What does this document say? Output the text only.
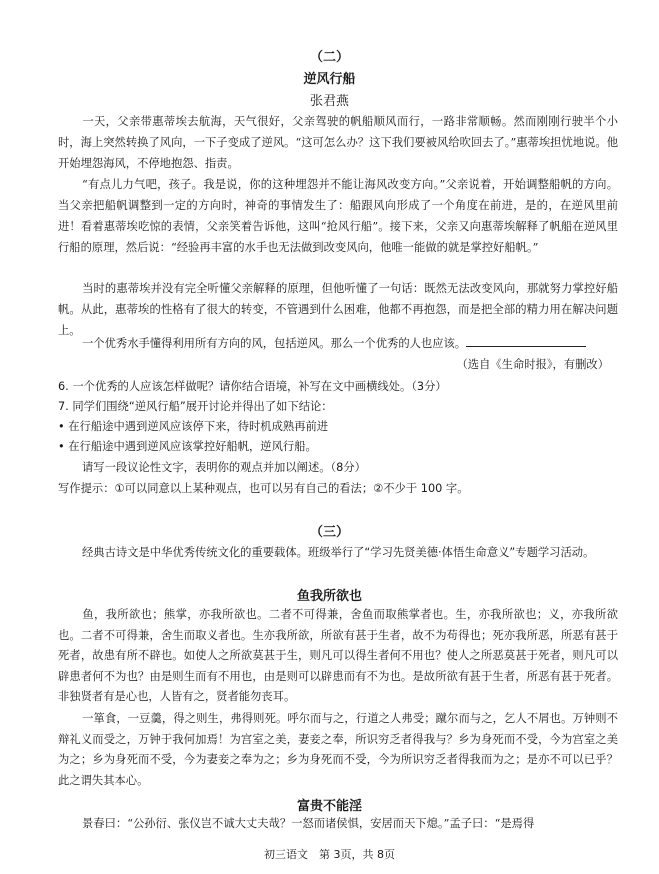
（二）
逆风行船
张君燕
一天，父亲带惠蒂埃去航海，天气很好，父亲驾驶的帆船顺风而行，一路非常顺畅。然而刚刚行驶半个小时，海上突然转换了风向，一下子变成了逆风。“这可怎么办？这下我们要被风给吹回去了。”惠蒂埃担忧地说。他开始埋怨海风，不停地抱怨、指责。
“有点儿力气吧，孩子。我是说，你的这种埋怨并不能让海风改变方向。”父亲说着，开始调整船帆的方向。当父亲把船帆调整到一定的方向时，神奇的事情发生了：船跟风向形成了一个角度在前进，是的，在逆风里前进！看着惠蒂埃吃惊的表情，父亲笑着告诉他，这叫“抢风行船”。接下来，父亲又向惠蒂埃解释了帆船在逆风里行船的原理，然后说：“经验再丰富的水手也无法做到改变风向，他唯一能做的就是掌控好船帆。”
当时的惠蒂埃并没有完全听懂父亲解释的原理，但他听懂了一句话：既然无法改变风向，那就努力掌控好船帆。从此，惠蒂埃的性格有了很大的转变，不管遇到什么困难，他都不再抱怨，而是把全部的精力用在解决问题上。
一个优秀水手懂得利用所有方向的风，包括逆风。那么一个优秀的人也应该。
（选自《生命时报》，有删改）
6. 一个优秀的人应该怎样做呢？请你结合语境，补写在文中画横线处。（3分）
7. 同学们围绕“逆风行船”展开讨论并得出了如下结论：
• 在行船途中遇到逆风应该停下来，待时机成熟再前进
• 在行船途中遇到逆风应该掌控好船帆，逆风行船。
请写一段议论性文字，表明你的观点并加以阐述。（8分）
写作提示：①可以同意以上某种观点，也可以另有自己的看法；②不少于 100 字。
（三）
经典古诗文是中华优秀传统文化的重要载体。班级举行了“学习先贤美德·体悟生命意义”专题学习活动。
鱼我所欲也
鱼，我所欲也；熊掌，亦我所欲也。二者不可得兼，舍鱼而取熊掌者也。生，亦我所欲也；义，亦我所欲也。二者不可得兼，舍生而取义者也。生亦我所欲，所欲有甚于生者，故不为苟得也；死亦我所恶，所恶有甚于死者，故患有所不辟也。如使人之所欲莫甚于生，则凡可以得生者何不用也？使人之所恶莫甚于死者，则凡可以辟患者何不为也？由是则生而有不用也，由是则可以辟患而有不为也。是故所欲有甚于生者，所恶有甚于死者。非独贤者有是心也，人皆有之，贤者能勿丧耳。
一箪食，一豆羹，得之则生，弗得则死。呼尔而与之，行道之人弗受；蹴尔而与之，乞人不屑也。万钟则不辩礼义而受之，万钟于我何加焉！为宫室之美，妻妾之奉，所识穷乏者得我与？乡为身死而不受，今为宫室之美为之；乡为身死而不受，今为妻妾之奉为之；乡为身死而不受，今为所识穷乏者得我而为之；是亦不可以已乎？此之谓失其本心。
富贵不能淫
景春曰：“公孙衍、张仪岂不诚大丈夫哉？一怒而诸侯惧，安居而天下熄。”孟子曰：“是焉得
初三语文　第 3页，共 8页
